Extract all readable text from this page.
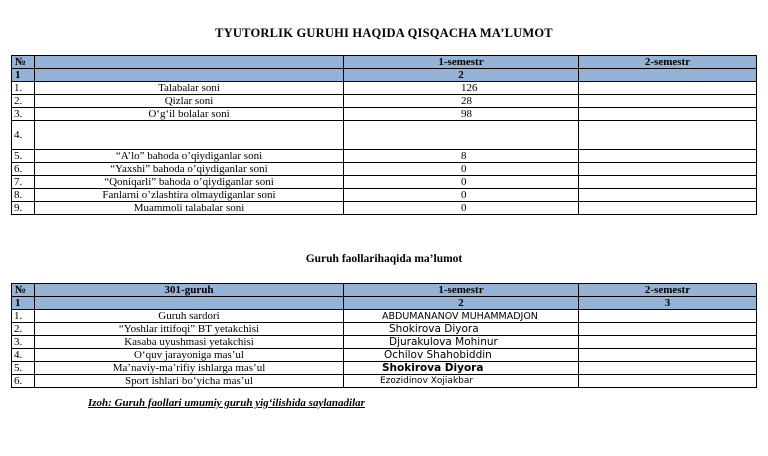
TYUTORLIK GURUHI HAQIDA QISQACHA MA’LUMOT
№		1-semestr	2-semestr
1		2	
1.	Talabalar soni	126	
2.	Qizlar soni	28	
3.	O‘g‘il bolalar soni	98	
4.			
5.	“A’lo” bahoda o’qiydiganlar soni	8	
6.	“Yaxshi” bahoda o’qiydiganlar soni	0	
7.	“Qoniqarli” bahoda o’qiydiganlar soni	0	
8.	Fanlarni o’zlashtira olmaydiganlar soni	0	
9.	Muammoli talabalar soni	0	
Guruh faollarihaqida ma’lumot
№	301-guruh	1-semestr	2-semestr
1		2	3
1.	Guruh sardori	ABDUMANANOV MUHAMMADJON	
2.	“Yoshlar ittifoqi” BT yetakchisi	Shokirova Diyora	
3.	Kasaba uyushmasi yetakchisi	Djurakulova Mohinur	
4.	O‘quv jarayoniga mas’ul	Ochilov Shahobiddin	
5.	Ma’naviy-ma’rifiy ishlarga mas’ul	Shokirova Diyora	
6.	Sport ishlari bo‘yicha mas’ul	Ezozidinov Xojiakbar	
Izoh: Guruh faollari umumiy guruh yig‘ilishida saylanadilar
